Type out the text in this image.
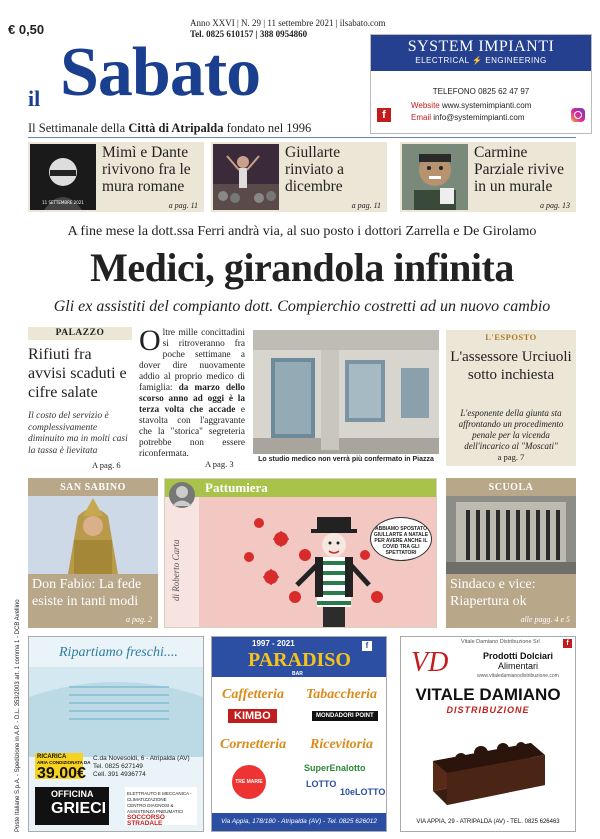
€ 0,50
il Sabato
Anno XXVI | N. 29 | 11 settembre 2021 | ilsabato.com
Tel. 0825 610157 | 388 0954860
Il Settimanale della Città di Atripalda fondato nel 1996
SYSTEM IMPIANTI
ELECTRICAL ⚡ ENGINEERING
TELEFONO 0825 62 47 97
Website www.systemimpianti.com
Email info@systemimpianti.com
f
11 SETTEMBRE 2021
Mimì e Dante rivivono fra le mura romane
a pag. 11
Giullarte rinviato a dicembre
a pag. 11
Carmine Parziale rivive in un murale
a pag. 13
A fine mese la dott.ssa Ferri andrà via, al suo posto i dottori Zarrella e De Girolamo
Medici, girandola infinita
Gli ex assistiti del compianto dott. Compierchio costretti ad un nuovo cambio
PALAZZO
Rifiuti fra avvisi scaduti e cifre salate
Il costo del servizio è complessivamente diminuito ma in molti casi la tassa è lievitata
A pag. 6
Oltre mille concittadini si ritroveranno fra poche settimane a dover dire nuovamente addio al proprio medico di famiglia: da marzo dello scorso anno ad oggi è la terza volta che accade e stavolta con l'aggravante che la "storica" segreteria potrebbe non essere riconfermata.
A pag. 3	Lo studio medico non verrà più confermato in Piazza
L'ESPOSTO
L'assessore Urciuoli sotto inchiesta
L'esponente della giunta sta affrontando un procedimento penale per la vicenda dell'incarico al "Moscati"
a pag. 7
SAN SABINO
Don Fabio: La fede esiste in tanti modi
a pag. 2
Pattumiera
di Roberto Carta
ABBIAMO SPOSTATO GIULLARTE A NATALE PER AVERE ANCHE IL COVID TRA GLI SPETTATORI
SCUOLA
Sindaco e vice: Riapertura ok
alle pagg. 4 e 5
Ripartiamo freschi....
RICARICA
ARIA CONDIZIONATA DA
39.00€
C.da Novesoldi, 6 - Atripalda (AV)
Tel. 0825 627149
Cell. 391 4936774
OFFICINA
GRIECI
ELETTRAUTO E MECCANICA - CLIMATIZZAZIONE
CENTRO DIAGNOSI & ASSISTENZA PNEUMATICI
SOCCORSO STRADALE
1997 - 2021
PARADISO
f
BAR
Caffetteria Tabaccheria
KIMBO	MONDADORI POINT
Cornetteria Ricevitoria
TRE MARIE
SuperEnalotto
LOTTO
10eLOTTO
Via Appia, 178/180 - Atripalda (AV) - Tel. 0825 626012
Vitale Damiano Distribuzione Srl	f
VD	Prodotti Dolciari
Alimentari
www.vitaledamianodistribuzione.com
VITALE DAMIANO
DISTRIBUZIONE
VIA APPIA, 29 - ATRIPALDA (AV) - TEL. 0825 626463
Poste Italiane S.p.A. - Spedizione in A.P. - D.L. 353/2003 art. 1 comma 1 - DCB Avellino
